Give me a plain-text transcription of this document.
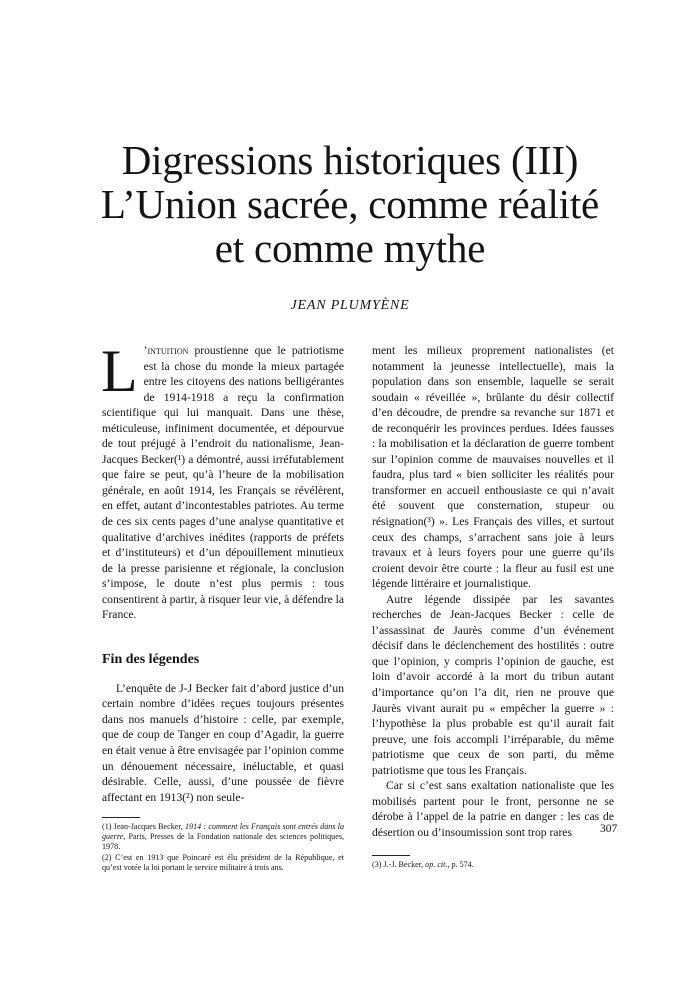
Digressions historiques (III)
L’Union sacrée, comme réalité
et comme mythe
JEAN PLUMYÈNE

L ’intuition proustienne que le patriotisme est la chose du monde la mieux partagée entre les citoyens des nations belligérantes de 1914-1918 a reçu la confirmation scientifique qui lui manquait. Dans une thèse, méticuleuse, infiniment documentée, et dépourvue de tout préjugé à l’endroit du nationalisme, Jean-Jacques Becker(¹) a démontré, aussi irréfutablement que faire se peut, qu’à l’heure de la mobilisation générale, en août 1914, les Français se révélèrent, en effet, autant d’incontestables patriotes. Au terme de ces six cents pages d’une analyse quantitative et qualitative d’archives inédites (rapports de préfets et d’instituteurs) et d’un dépouillement minutieux de la presse parisienne et régionale, la conclusion s’impose, le doute n’est plus permis : tous consentirent à partir, à risquer leur vie, à défendre la France.

Fin des légendes

L’enquête de J-J Becker fait d’abord justice d’un certain nombre d’idées reçues toujours présentes dans nos manuels d’histoire : celle, par exemple, que de coup de Tanger en coup d’Agadir, la guerre en était venue à être envisagée par l’opinion comme un dénouement nécessaire, inéluctable, et quasi désirable. Celle, aussi, d’une poussée de fièvre affectant en 1913(²) non seule-

(1) Jean-Jacques Becker, 1914 : comment les Français sont entrés dans la guerre, Paris, Presses de la Fondation nationale des sciences politiques, 1978.

(2) C’est en 1913 que Poincaré est élu président de la République, et qu’est votée la loi portant le service militaire à trois ans.

ment les milieux proprement nationalistes (et notamment la jeunesse intellectuelle), mais la population dans son ensemble, laquelle se serait soudain « réveillée », brûlante du désir collectif d’en découdre, de prendre sa revanche sur 1871 et de reconquérir les provinces perdues. Idées fausses : la mobilisation et la déclaration de guerre tombent sur l’opinion comme de mauvaises nouvelles et il faudra, plus tard « bien solliciter les réalités pour transformer en accueil enthousiaste ce qui n’avait été souvent que consternation, stupeur ou résignation(³) ». Les Français des villes, et surtout ceux des champs, s’arrachent sans joie à leurs travaux et à leurs foyers pour une guerre qu’ils croient devoir être courte : la fleur au fusil est une légende littéraire et journalistique.

Autre légende dissipée par les savantes recherches de Jean-Jacques Becker : celle de l’assassinat de Jaurès comme d’un événement décisif dans le déclenchement des hostilités : outre que l’opinion, y compris l’opinion de gauche, est loin d’avoir accordé à la mort du tribun autant d’importance qu’on l’a dit, rien ne prouve que Jaurès vivant aurait pu « empêcher la guerre » : l’hypothèse la plus probable est qu’il aurait fait preuve, une fois accompli l’irréparable, du même patriotisme que ceux de son parti, du même patriotisme que tous les Français.

Car si c’est sans exaltation nationaliste que les mobilisés partent pour le front, personne ne se dérobe à l’appel de la patrie en danger : les cas de désertion ou d’insoumission sont trop rares

(3) J.-J. Becker, op. cit., p. 574.

307
